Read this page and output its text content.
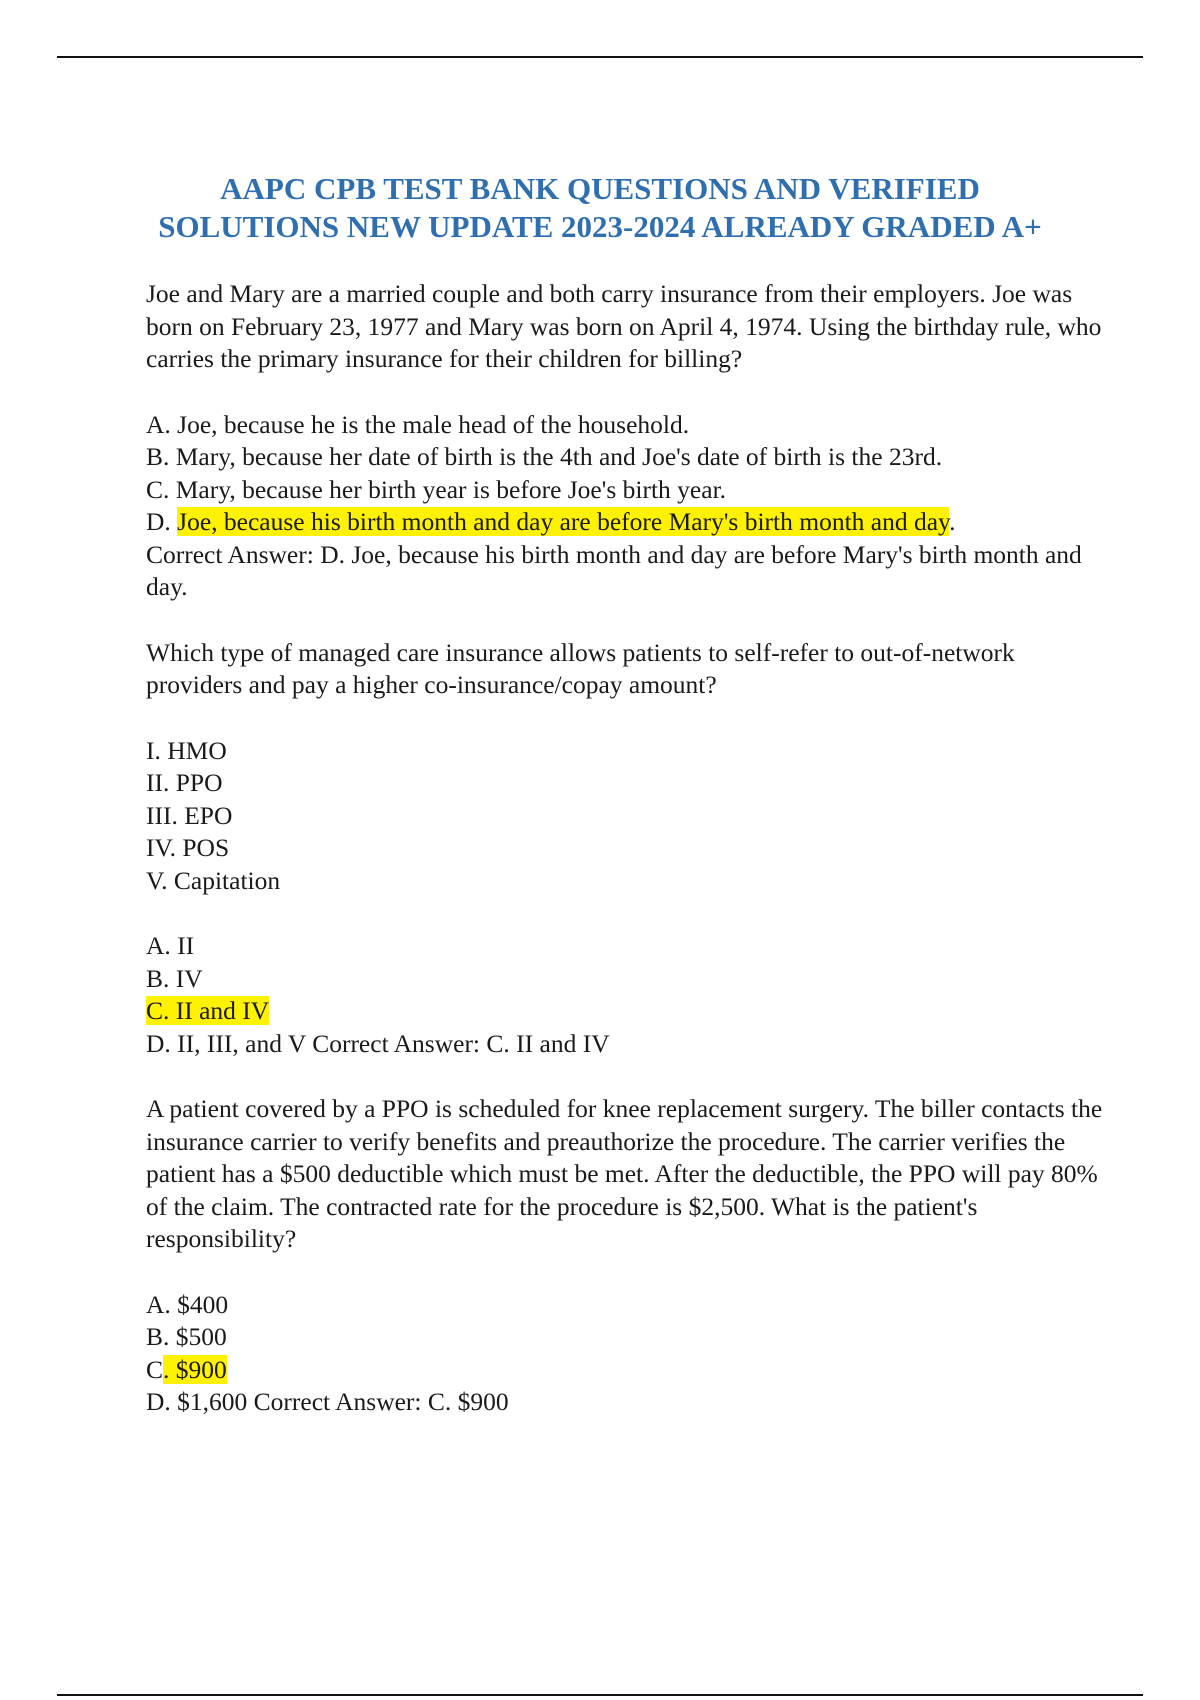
AAPC CPB TEST BANK QUESTIONS AND VERIFIED
SOLUTIONS NEW UPDATE 2023-2024 ALREADY GRADED A+

Joe and Mary are a married couple and both carry insurance from their employers. Joe was born on February 23, 1977 and Mary was born on April 4, 1974. Using the birthday rule, who carries the primary insurance for their children for billing?

A. Joe, because he is the male head of the household.
B. Mary, because her date of birth is the 4th and Joe's date of birth is the 23rd.
C. Mary, because her birth year is before Joe's birth year.
D. Joe, because his birth month and day are before Mary's birth month and day.
Correct Answer: D. Joe, because his birth month and day are before Mary's birth month and day.

Which type of managed care insurance allows patients to self-refer to out-of-network providers and pay a higher co-insurance/copay amount?

I. HMO
II. PPO
III. EPO
IV. POS
V. Capitation
A. II
B. IV
C. II and IV
D. II, III, and V Correct Answer: C. II and IV

A patient covered by a PPO is scheduled for knee replacement surgery. The biller contacts the insurance carrier to verify benefits and preauthorize the procedure. The carrier verifies the patient has a $500 deductible which must be met. After the deductible, the PPO will pay 80% of the claim. The contracted rate for the procedure is $2,500. What is the patient's responsibility?

A. $400
B. $500
C. $900
D. $1,600 Correct Answer: C. $900
